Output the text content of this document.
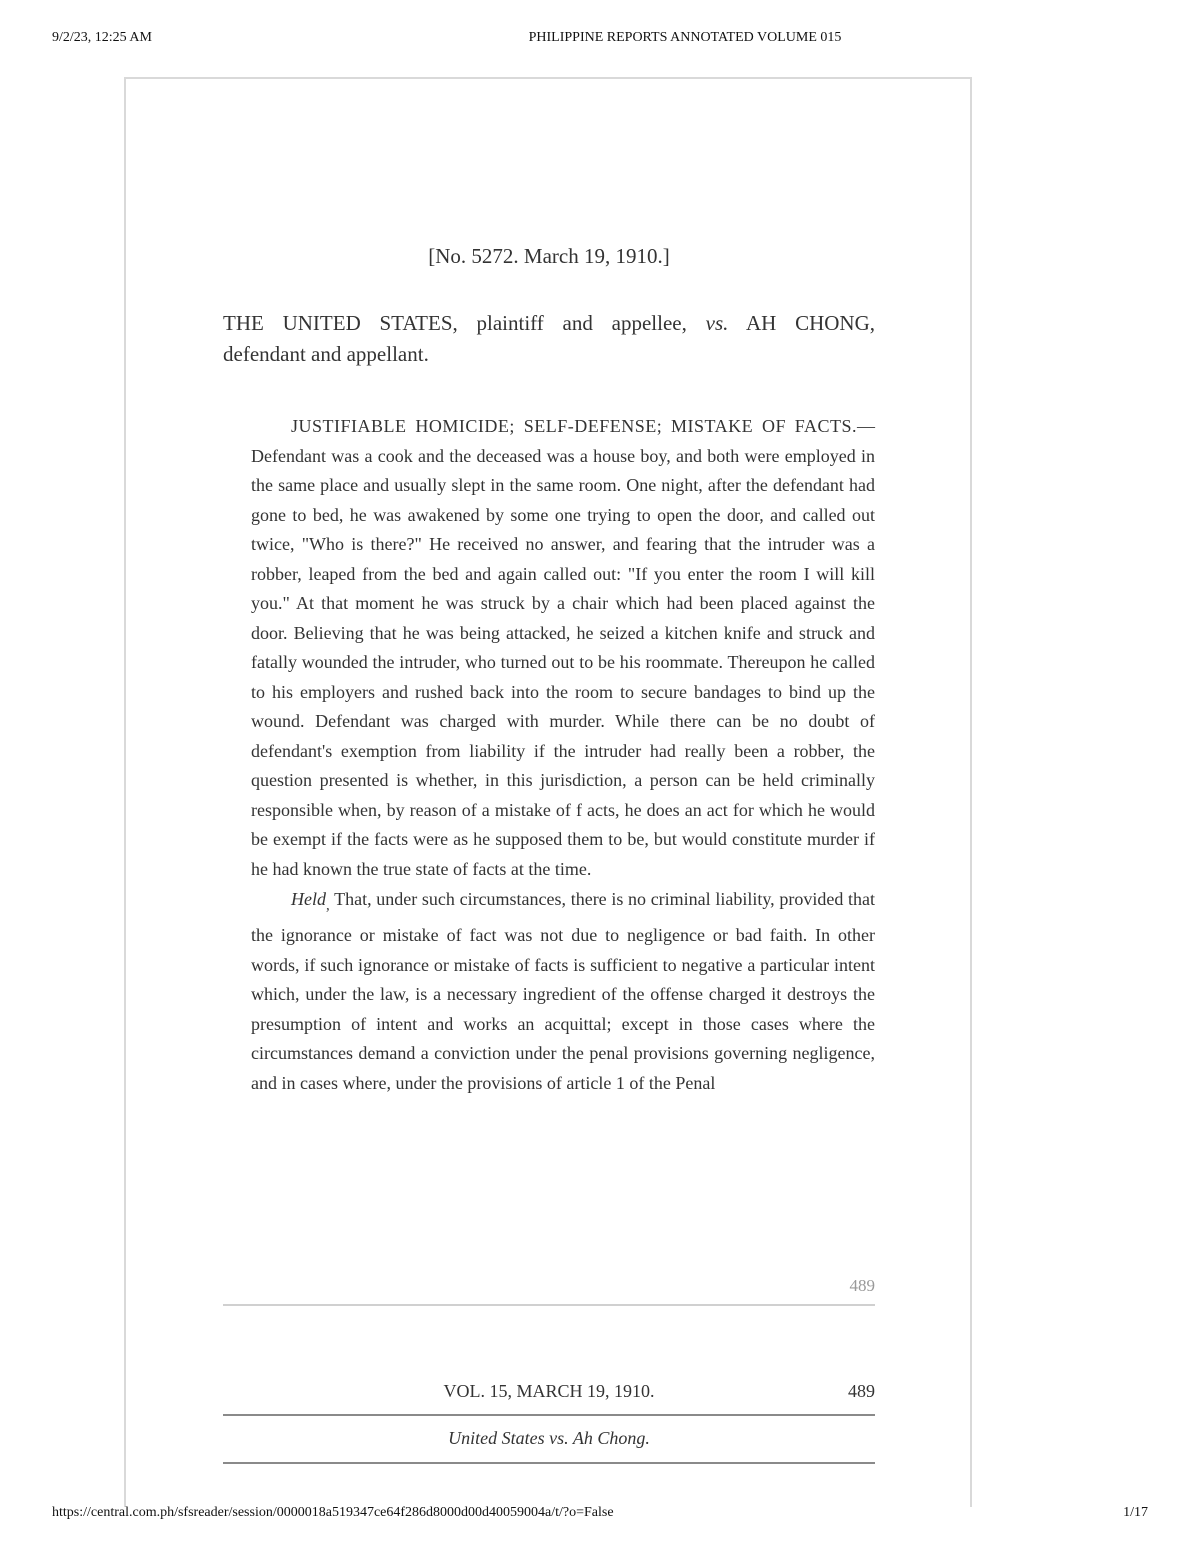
9/2/23, 12:25 AM	PHILIPPINE REPORTS ANNOTATED VOLUME 015
[No. 5272. March 19, 1910.]
THE UNITED STATES, plaintiff and appellee, vs. AH CHONG,
defendant and appellant.

JUSTIFIABLE HOMICIDE; SELF-DEFENSE; MISTAKE OF FACTS.—Defendant was a cook and the deceased was a house boy, and both were employed in the same place and usually slept in the same room. One night, after the defendant had gone to bed, he was awakened by some one trying to open the door, and called out twice, "Who is there?" He received no answer, and fearing that the intruder was a robber, leaped from the bed and again called out: "If you enter the room I will kill you." At that moment he was struck by a chair which had been placed against the door. Believing that he was being attacked, he seized a kitchen knife and struck and fatally wounded the intruder, who turned out to be his roommate. Thereupon he called to his employers and rushed back into the room to secure bandages to bind up the wound. Defendant was charged with murder. While there can be no doubt of defendant's exemption from liability if the intruder had really been a robber, the question presented is whether, in this jurisdiction, a person can be held criminally responsible when, by reason of a mistake of f acts, he does an act for which he would be exempt if the facts were as he supposed them to be, but would constitute murder if he had known the true state of facts at the time.

Held$_,$ That, under such circumstances, there is no criminal liability, provided that the ignorance or mistake of fact was not due to negligence or bad faith. In other words, if such ignorance or mistake of facts is sufficient to negative a particular intent which, under the law, is a necessary ingredient of the offense charged it destroys the presumption of intent and works an acquittal; except in those cases where the circumstances demand a conviction under the penal provisions governing negligence, and in cases where, under the provisions of article 1 of the Penal

489
VOL. 15, MARCH 19, 1910.	489
United States vs. Ah Chong.
https://central.com.ph/sfsreader/session/0000018a519347ce64f286d8000d00d40059004a/t/?o=False	1/17
